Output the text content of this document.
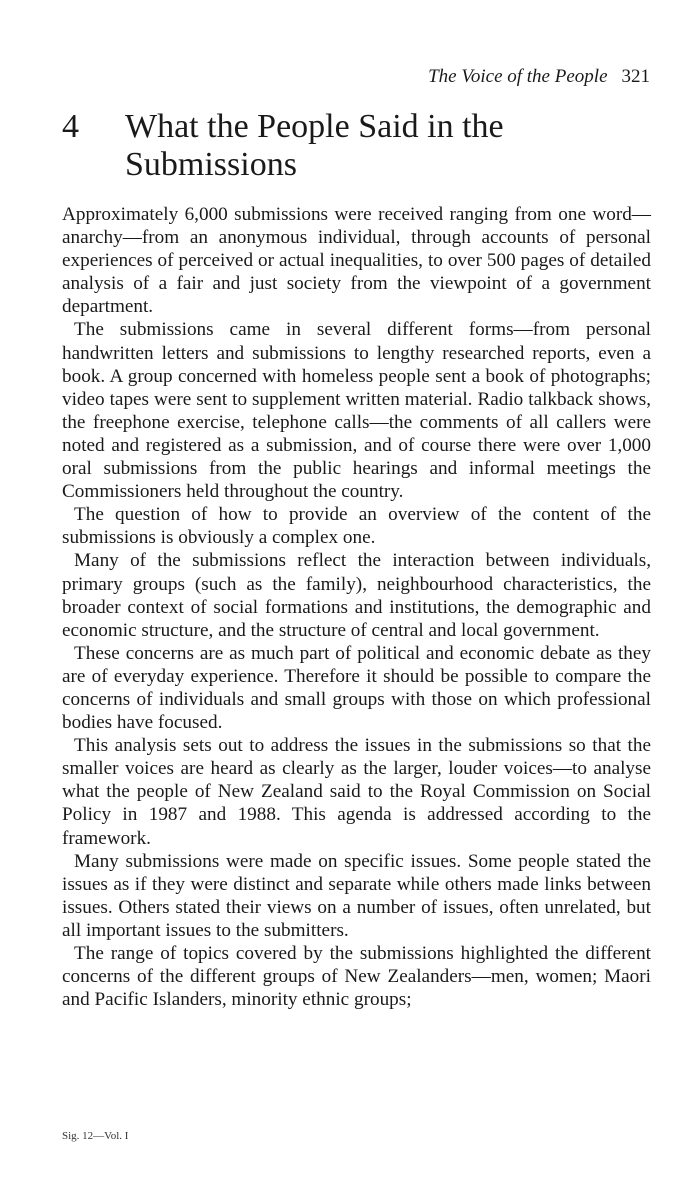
The Voice of the People 321
4	What the People Said in the Submissions

Approximately 6,000 submissions were received ranging from one word—anarchy—from an anonymous individual, through accounts of personal experiences of perceived or actual inequalities, to over 500 pages of detailed analysis of a fair and just society from the viewpoint of a government department.

The submissions came in several different forms—from personal handwritten letters and submissions to lengthy researched reports, even a book. A group concerned with homeless people sent a book of photographs; video tapes were sent to supplement written material. Radio talkback shows, the freephone exercise, telephone calls—the comments of all callers were noted and registered as a submission, and of course there were over 1,000 oral submissions from the public hearings and informal meetings the Commissioners held throughout the country.

The question of how to provide an overview of the content of the submissions is obviously a complex one.

Many of the submissions reflect the interaction between individuals, primary groups (such as the family), neighbourhood characteristics, the broader context of social formations and institutions, the demographic and economic structure, and the structure of central and local government.

These concerns are as much part of political and economic debate as they are of everyday experience. Therefore it should be possible to compare the concerns of individuals and small groups with those on which professional bodies have focused.

This analysis sets out to address the issues in the submissions so that the smaller voices are heard as clearly as the larger, louder voices—to analyse what the people of New Zealand said to the Royal Commission on Social Policy in 1987 and 1988. This agenda is addressed according to the framework.

Many submissions were made on specific issues. Some people stated the issues as if they were distinct and separate while others made links between issues. Others stated their views on a number of issues, often unrelated, but all important issues to the submitters.

The range of topics covered by the submissions highlighted the different concerns of the different groups of New Zealanders—men, women; Maori and Pacific Islanders, minority ethnic groups;

Sig. 12—Vol. I
